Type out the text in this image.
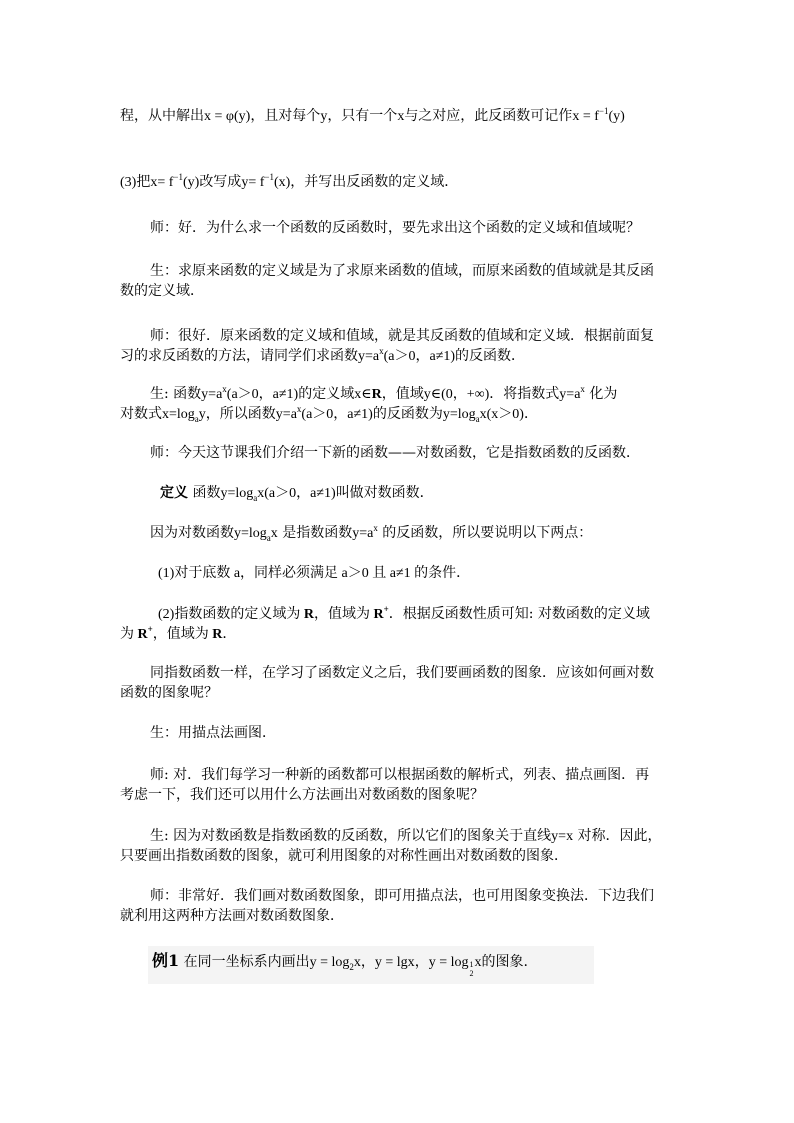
程，从中解出x = φ(y)，且对每个y，只有一个x与之对应，此反函数可记作$x = f^{-1}(y)$
(3)把$x= f^{-1}(y)$改写成$y= f^{-1}(x)$，并写出反函数的定义域．
师：好．为什么求一个函数的反函数时，要先求出这个函数的定义域和值域呢？
生：求原来函数的定义域是为了求原来函数的值域，而原来函数的值域就是其反函
数的定义域．
师：很好．原来函数的定义域和值域，就是其反函数的值域和定义域．根据前面复
习的求反函数的方法，请同学们求函数$y=a^x(a>0$，a≠1)的反函数．
生: 函数$y=a^x(a>0$，a≠1)的定义域x∈R，值域y∈(0，+∞)．将指数式$y=a^x$ 化为
对数式$x=\log_ay$，所以函数$y=a^x(a>0$，a≠1)的反函数为$y=\log_ax(x>0)$．
师：今天这节课我们介绍一下新的函数——对数函数，它是指数函数的反函数．
定义 函数$y=\log_ax(a>0$，a≠1)叫做对数函数．
因为对数函数$y=\log_ax$ 是指数函数$y=a^x$ 的反函数，所以要说明以下两点：
(1)对于底数 a，同样必须满足 a＞0 且 a≠1 的条件．
(2)指数函数的定义域为 R，值域为 R+．根据反函数性质可知: 对数函数的定义域
为 R+，值域为 R．
同指数函数一样，在学习了函数定义之后，我们要画函数的图象．应该如何画对数
函数的图象呢？
生：用描点法画图．
师: 对．我们每学习一种新的函数都可以根据函数的解析式，列表、描点画图．再
考虑一下，我们还可以用什么方法画出对数函数的图象呢？
生: 因为对数函数是指数函数的反函数，所以它们的图象关于直线y=x 对称．因此，
只要画出指数函数的图象，就可利用图象的对称性画出对数函数的图象．
师：非常好．我们画对数函数图象，即可用描点法，也可用图象变换法．下边我们
就利用这两种方法画对数函数图象．
例1 在同一坐标系内画出$y = \log_2x$，y = lgx，y = log 1
2
x的图象.
